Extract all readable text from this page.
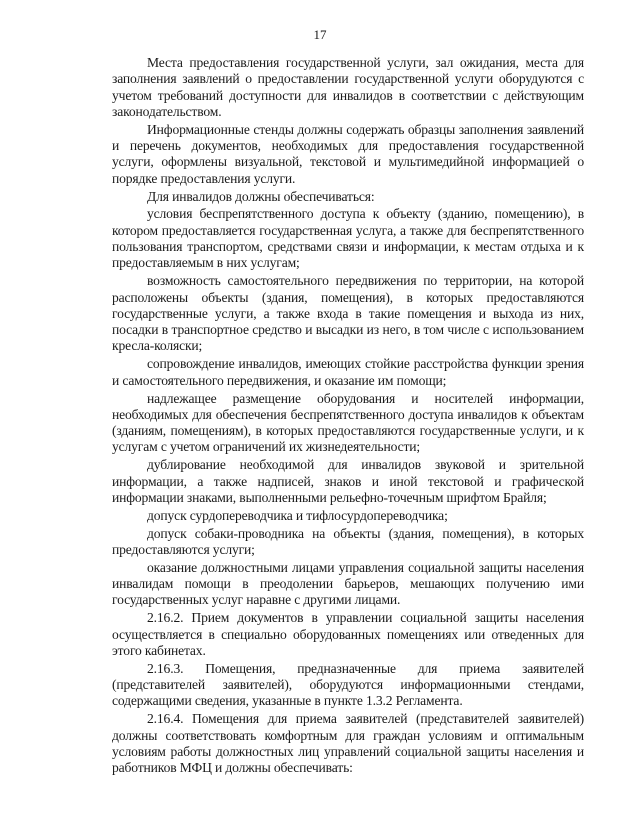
17

Места предоставления государственной услуги, зал ожидания, места для заполнения заявлений о предоставлении государственной услуги оборудуются с учетом требований доступности для инвалидов в соответствии с действующим законодательством.

Информационные стенды должны содержать образцы заполнения заявлений и перечень документов, необходимых для предоставления государственной услуги, оформлены визуальной, текстовой и мультимедийной информацией о порядке предоставления услуги.

Для инвалидов должны обеспечиваться:

условия беспрепятственного доступа к объекту (зданию, помещению), в котором предоставляется государственная услуга, а также для беспрепятственного пользования транспортом, средствами связи и информации, к местам отдыха и к предоставляемым в них услугам;

возможность самостоятельного передвижения по территории, на которой расположены объекты (здания, помещения), в которых предоставляются государственные услуги, а также входа в такие помещения и выхода из них, посадки в транспортное средство и высадки из него, в том числе с использованием кресла-коляски;

сопровождение инвалидов, имеющих стойкие расстройства функции зрения и самостоятельного передвижения, и оказание им помощи;

надлежащее размещение оборудования и носителей информации, необходимых для обеспечения беспрепятственного доступа инвалидов к объектам (зданиям, помещениям), в которых предоставляются государственные услуги, и к услугам с учетом ограничений их жизнедеятельности;

дублирование необходимой для инвалидов звуковой и зрительной информации, а также надписей, знаков и иной текстовой и графической информации знаками, выполненными рельефно-точечным шрифтом Брайля;

допуск сурдопереводчика и тифлосурдопереводчика;

допуск собаки-проводника на объекты (здания, помещения), в которых предоставляются услуги;

оказание должностными лицами управления социальной защиты населения инвалидам помощи в преодолении барьеров, мешающих получению ими государственных услуг наравне с другими лицами.

2.16.2. Прием документов в управлении социальной защиты населения осуществляется в специально оборудованных помещениях или отведенных для этого кабинетах.

2.16.3. Помещения, предназначенные для приема заявителей (представителей заявителей), оборудуются информационными стендами, содержащими сведения, указанные в пункте 1.3.2 Регламента.

2.16.4. Помещения для приема заявителей (представителей заявителей) должны соответствовать комфортным для граждан условиям и оптимальным условиям работы должностных лиц управлений социальной защиты населения и работников МФЦ и должны обеспечивать:
